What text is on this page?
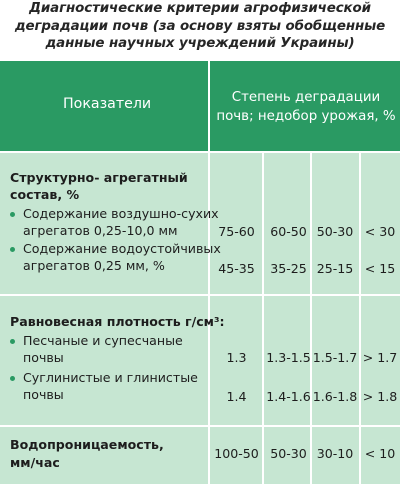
Диагностические критерии агрофизической
деградации почв (за основу взяты обобщенные
данные научных учреждений Украины)
Показатели	Степень деградации
почв; недобор урожая, %
Структурно- агрегатный
состав, %
Содержание воздушно-сухих
агрегатов 0,25-10,0 мм
Содержание водоустойчивых
агрегатов 0,25 мм, %
75-60	60-50 50-30 < 30
45-35	35-25 25-15 < 15
Равновесная плотность г/см³:
Песчаные и супесчаные
почвы
Суглинистые и глинистые
почвы
1.3	1.3-1.5 1.5-1.7 > 1.7
1.4	1.4-1.6 1.6-1.8 > 1.8
Водопроницаемость,
мм/час
100-50 50-30 30-10 < 10
